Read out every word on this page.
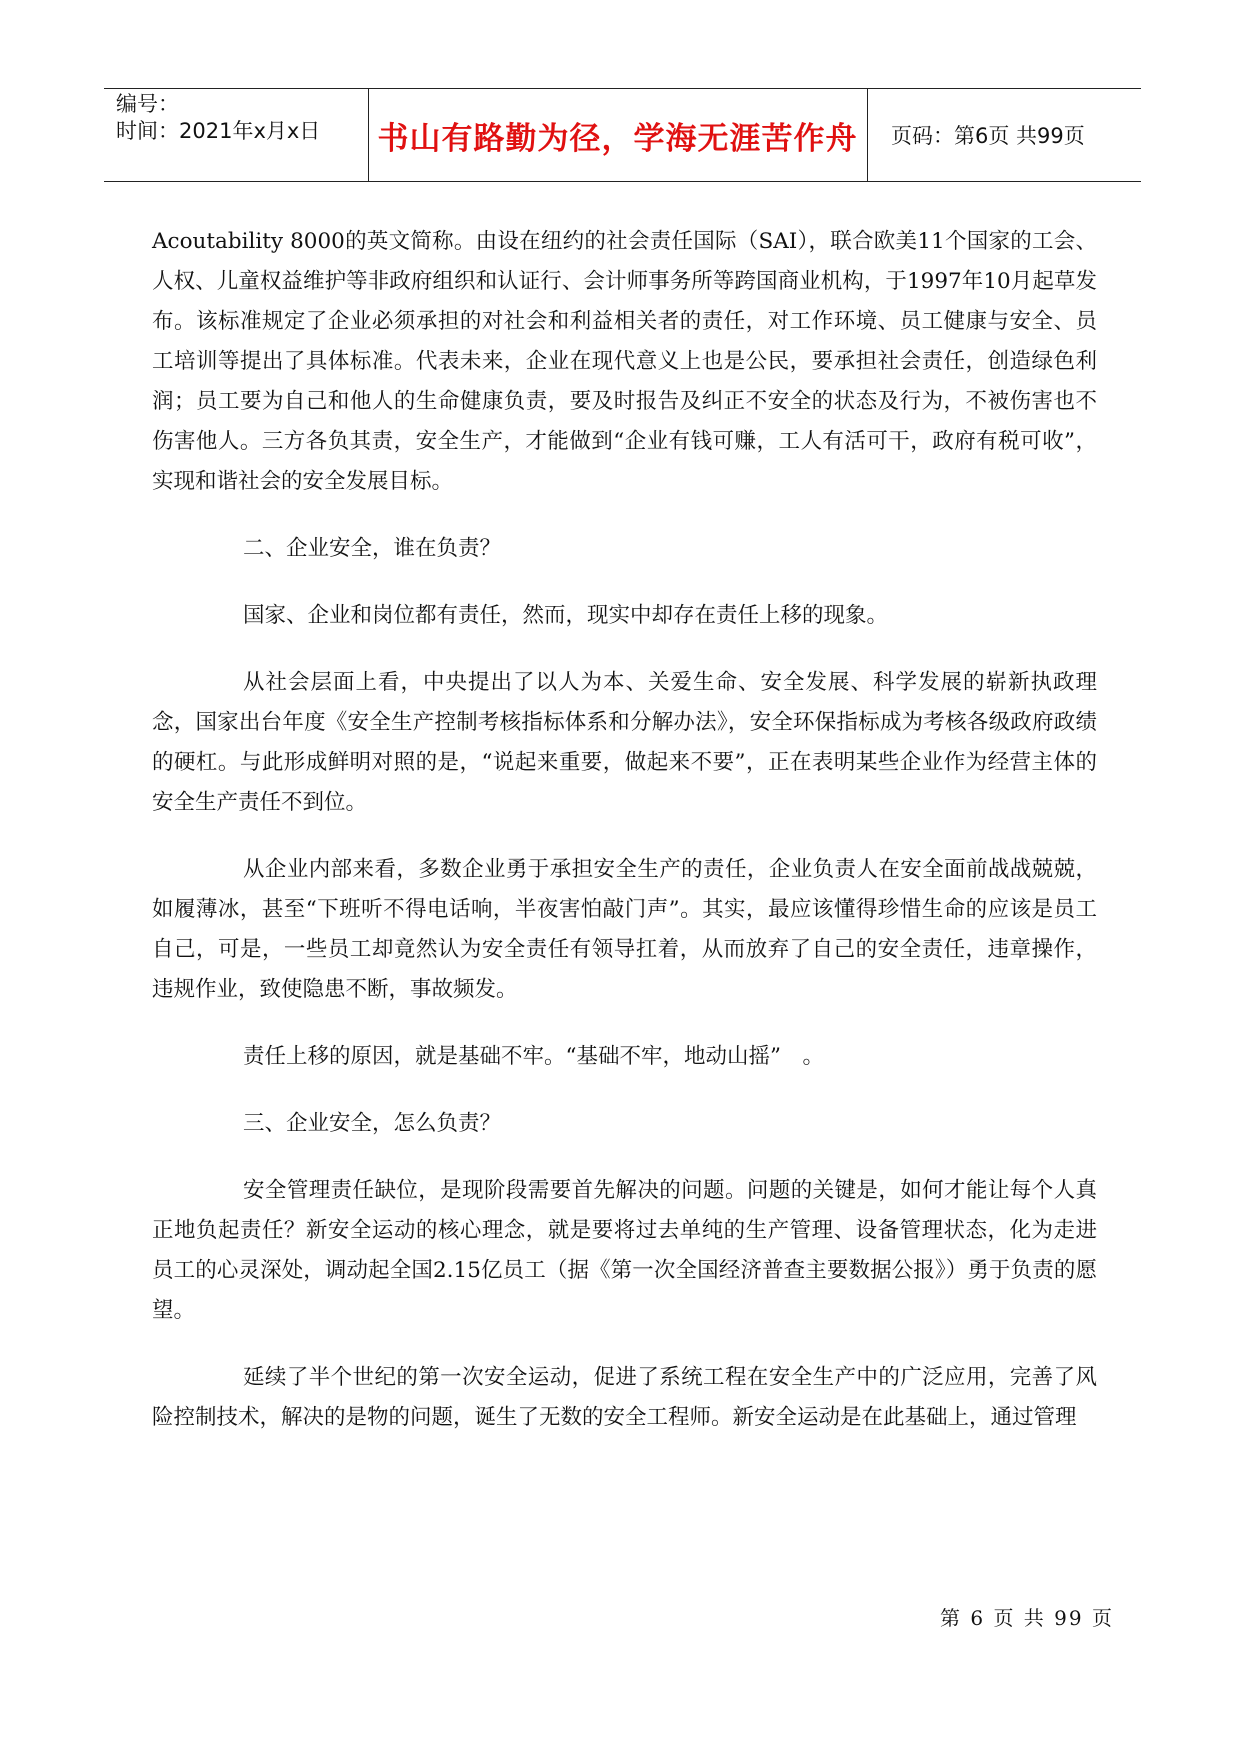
编号：
时间：2021年x月x日	书山有路勤为径，学海无涯苦作舟	页码：第6页 共99页

Acoutability 8000的英文简称。由设在纽约的社会责任国际（SAI），联合欧美11个国家的工会、人权、儿童权益维护等非政府组织和认证行、会计师事务所等跨国商业机构，于1997年10月起草发布。该标准规定了企业必须承担的对社会和利益相关者的责任，对工作环境、员工健康与安全、员工培训等提出了具体标准。代表未来，企业在现代意义上也是公民，要承担社会责任，创造绿色利润；员工要为自己和他人的生命健康负责，要及时报告及纠正不安全的状态及行为，不被伤害也不伤害他人。三方各负其责，安全生产，才能做到“企业有钱可赚，工人有活可干，政府有税可收”，实现和谐社会的安全发展目标。

二、企业安全，谁在负责？

国家、企业和岗位都有责任，然而，现实中却存在责任上移的现象。

从社会层面上看，中央提出了以人为本、关爱生命、安全发展、科学发展的崭新执政理念，国家出台年度《安全生产控制考核指标体系和分解办法》，安全环保指标成为考核各级政府政绩的硬杠。与此形成鲜明对照的是，“说起来重要，做起来不要”，正在表明某些企业作为经营主体的安全生产责任不到位。

从企业内部来看，多数企业勇于承担安全生产的责任，企业负责人在安全面前战战兢兢，如履薄冰，甚至“下班听不得电话响，半夜害怕敲门声”。其实，最应该懂得珍惜生命的应该是员工自己，可是，一些员工却竟然认为安全责任有领导扛着，从而放弃了自己的安全责任，违章操作，违规作业，致使隐患不断，事故频发。

责任上移的原因，就是基础不牢。“基础不牢，地动山摇”　。

三、企业安全，怎么负责？

安全管理责任缺位，是现阶段需要首先解决的问题。问题的关键是，如何才能让每个人真正地负起责任？新安全运动的核心理念，就是要将过去单纯的生产管理、设备管理状态，化为走进员工的心灵深处，调动起全国2.15亿员工（据《第一次全国经济普查主要数据公报》）勇于负责的愿望。

延续了半个世纪的第一次安全运动，促进了系统工程在安全生产中的广泛应用，完善了风险控制技术，解决的是物的问题，诞生了无数的安全工程师。新安全运动是在此基础上，通过管理

第 6 页 共 99 页
